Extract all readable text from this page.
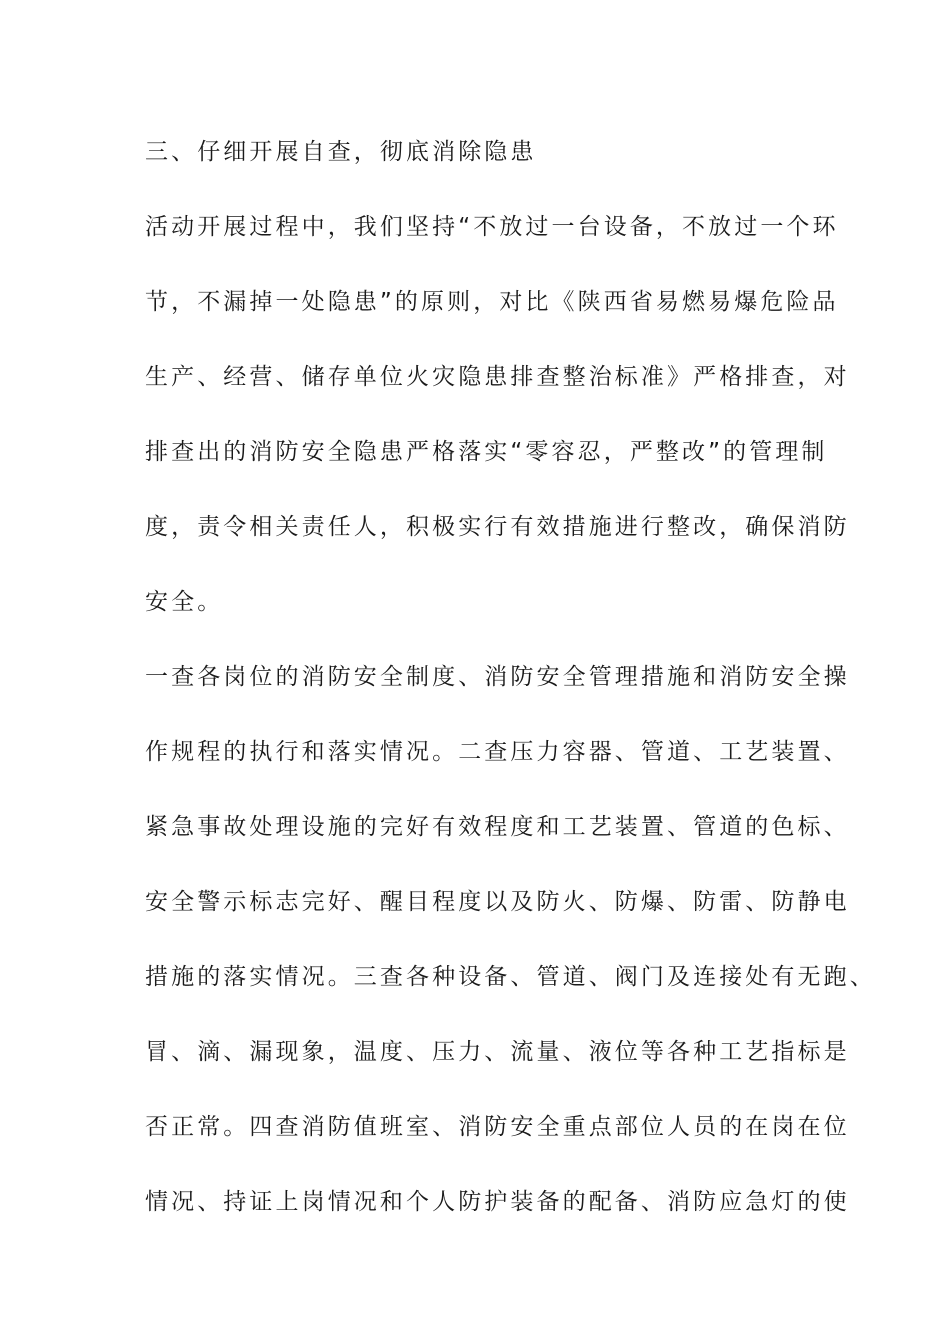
三、仔细开展自查，彻底消除隐患
活动开展过程中，我们坚持“不放过一台设备，不放过一个环
节，不漏掉一处隐患”的原则，对比《陕西省易燃易爆危险品
生产、经营、储存单位火灾隐患排查整治标准》严格排查，对
排查出的消防安全隐患严格落实“零容忍，严整改”的管理制
度，责令相关责任人，积极实行有效措施进行整改，确保消防
安全。
一查各岗位的消防安全制度、消防安全管理措施和消防安全操
作规程的执行和落实情况。二查压力容器、管道、工艺装置、
紧急事故处理设施的完好有效程度和工艺装置、管道的色标、
安全警示标志完好、醒目程度以及防火、防爆、防雷、防静电
措施的落实情况。三查各种设备、管道、阀门及连接处有无跑、
冒、滴、漏现象，温度、压力、流量、液位等各种工艺指标是
否正常。四查消防值班室、消防安全重点部位人员的在岗在位
情况、持证上岗情况和个人防护装备的配备、消防应急灯的使
